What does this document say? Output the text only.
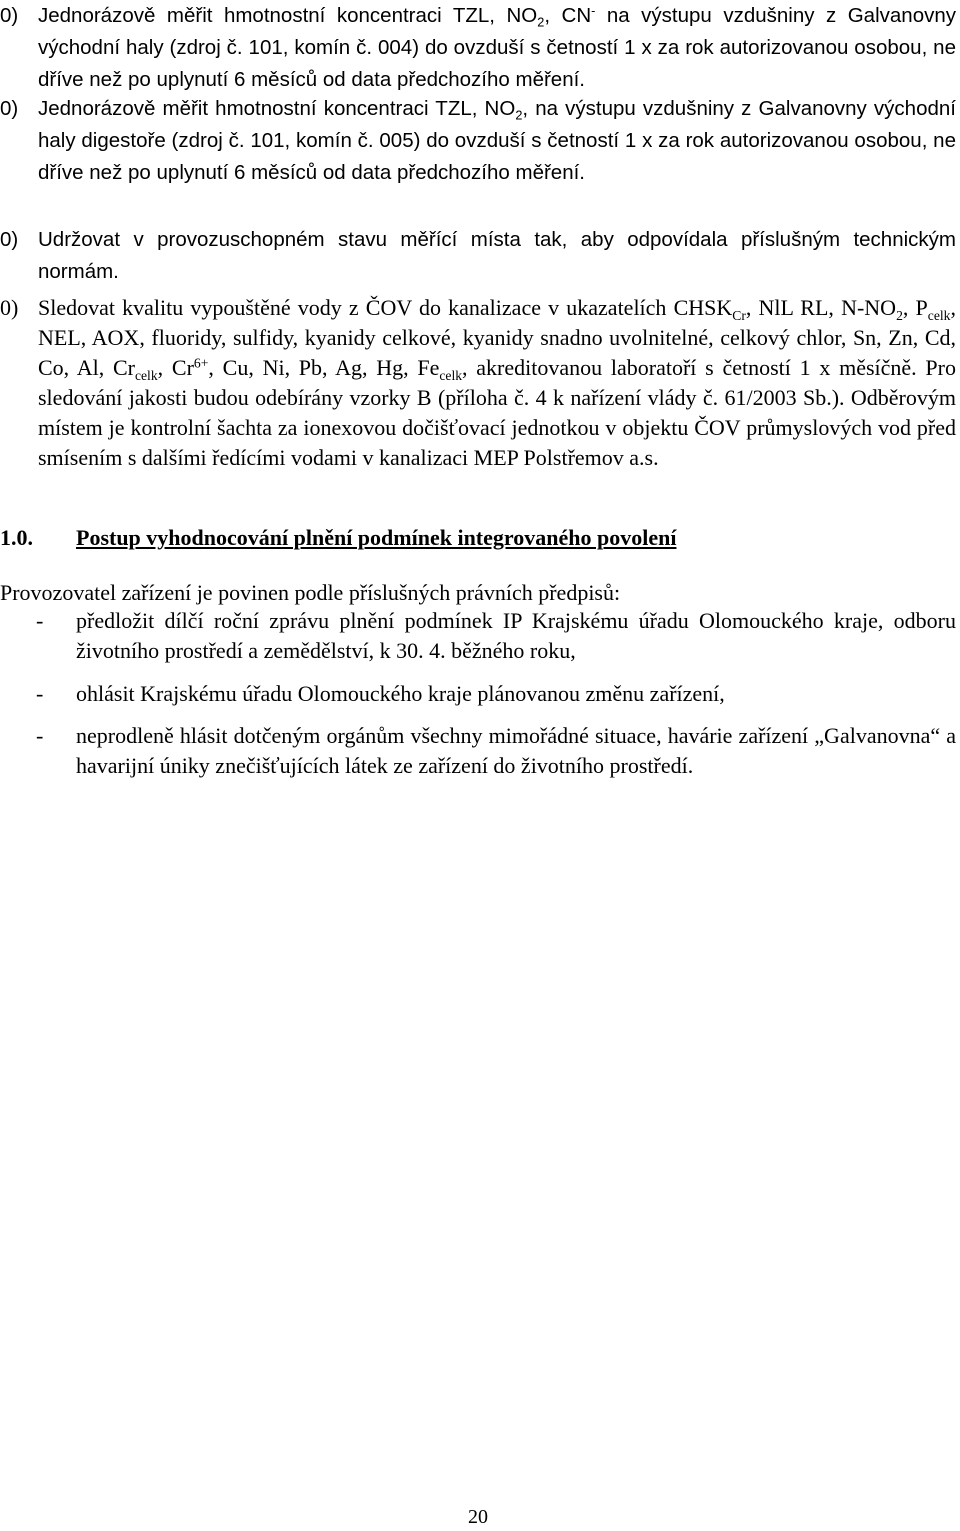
0) Jednorázově měřit hmotnostní koncentraci TZL, $NO_2$, CN- na výstupu vzdušniny z Galvanovny východní haly (zdroj č. 101, komín č. 004) do ovzduší s četností 1 x za rok autorizovanou osobou, ne dříve než po uplynutí 6 měsíců od data předchozího měření.
0) Jednorázově měřit hmotnostní koncentraci TZL, $NO_2$, na výstupu vzdušniny z Galvanovny východní haly digestoře (zdroj č. 101, komín č. 005) do ovzduší s četností 1 x za rok autorizovanou osobou, ne dříve než po uplynutí 6 měsíců od data předchozího měření.
0) Udržovat v provozuschopném stavu měřící místa tak, aby odpovídala příslušným technickým normám.
0) Sledovat kvalitu vypouštěné vody z ČOV do kanalizace v ukazatelích $CHSK_{Cr}$, NlL RL, $N-NO_2$, $P_{celk}$, NEL, AOX, fluoridy, sulfidy, kyanidy celkové, kyanidy snadno uvolnitelné, celkový chlor, Sn, Zn, Cd, Co, Al, $Cr_{celk}$, $Cr^{6+}$, Cu, Ni, Pb, Ag, Hg, $Fe_{celk}$, akreditovanou laboratoří s četností 1 x měsíčně. Pro sledování jakosti budou odebírány vzorky B (příloha č. 4 k nařízení vlády č. 61/2003 Sb.). Odběrovým místem je kontrolní šachta za ionexovou dočišťovací jednotkou v objektu ČOV průmyslových vod před smísením s dalšími ředícími vodami v kanalizaci MEP Polstřemov a.s.
1.0.	Postup vyhodnocování plnění podmínek integrovaného povolení
Provozovatel zařízení je povinen podle příslušných právních předpisů:
-	předložit dílčí roční zprávu plnění podmínek IP Krajskému úřadu Olomouckého kraje, odboru životního prostředí a zemědělství, k 30. 4. běžného roku,
-	ohlásit Krajskému úřadu Olomouckého kraje plánovanou změnu zařízení,
-	neprodleně hlásit dotčeným orgánům všechny mimořádné situace, havárie zařízení „Galvanovna“ a havarijní úniky znečišťujících látek ze zařízení do životního prostředí.
20
